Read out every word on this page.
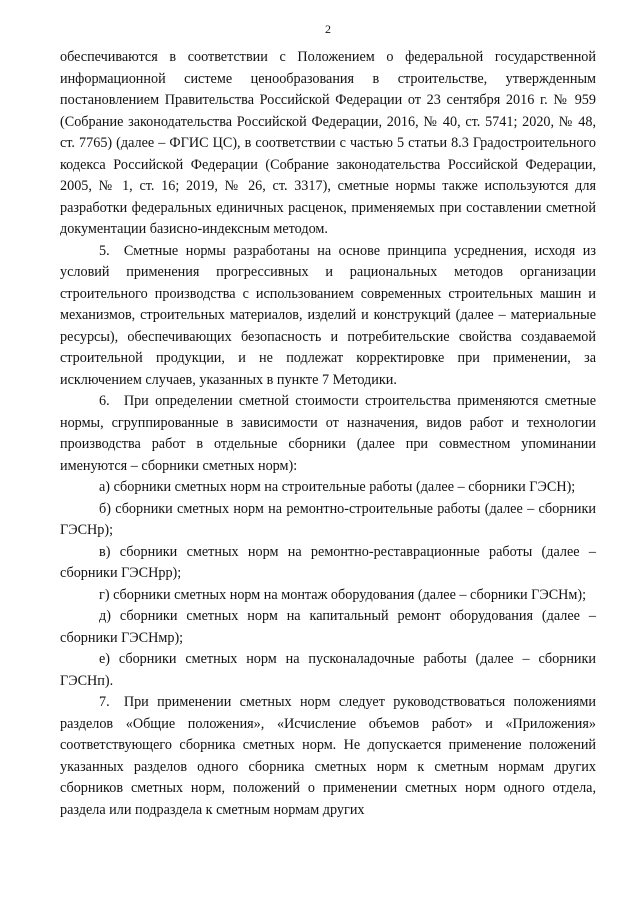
2

обеспечиваются в соответствии с Положением о федеральной государственной информационной системе ценообразования в строительстве, утвержденным постановлением Правительства Российской Федерации от 23 сентября 2016 г. № 959 (Собрание законодательства Российской Федерации, 2016, № 40, ст. 5741; 2020, № 48, ст. 7765) (далее – ФГИС ЦС), в соответствии с частью 5 статьи 8.3 Градостроительного кодекса Российской Федерации (Собрание законодательства Российской Федерации, 2005, № 1, ст. 16; 2019, № 26, ст. 3317), сметные нормы также используются для разработки федеральных единичных расценок, применяемых при составлении сметной документации базисно-индексным методом.

5. Сметные нормы разработаны на основе принципа усреднения, исходя из условий применения прогрессивных и рациональных методов организации строительного производства с использованием современных строительных машин и механизмов, строительных материалов, изделий и конструкций (далее – материальные ресурсы), обеспечивающих безопасность и потребительские свойства создаваемой строительной продукции, и не подлежат корректировке при применении, за исключением случаев, указанных в пункте 7 Методики.

6. При определении сметной стоимости строительства применяются сметные нормы, сгруппированные в зависимости от назначения, видов работ и технологии производства работ в отдельные сборники (далее при совместном упоминании именуются – сборники сметных норм):

а) сборники сметных норм на строительные работы (далее – сборники ГЭСН);

б) сборники сметных норм на ремонтно-строительные работы (далее – сборники ГЭСНр);

в) сборники сметных норм на ремонтно-реставрационные работы (далее – сборники ГЭСНрр);

г) сборники сметных норм на монтаж оборудования (далее – сборники ГЭСНм);

д) сборники сметных норм на капитальный ремонт оборудования (далее – сборники ГЭСНмр);

е) сборники сметных норм на пусконаладочные работы (далее – сборники ГЭСНп).

7. При применении сметных норм следует руководствоваться положениями разделов «Общие положения», «Исчисление объемов работ» и «Приложения» соответствующего сборника сметных норм. Не допускается применение положений указанных разделов одного сборника сметных норм к сметным нормам других сборников сметных норм, положений о применении сметных норм одного отдела, раздела или подраздела к сметным нормам других
